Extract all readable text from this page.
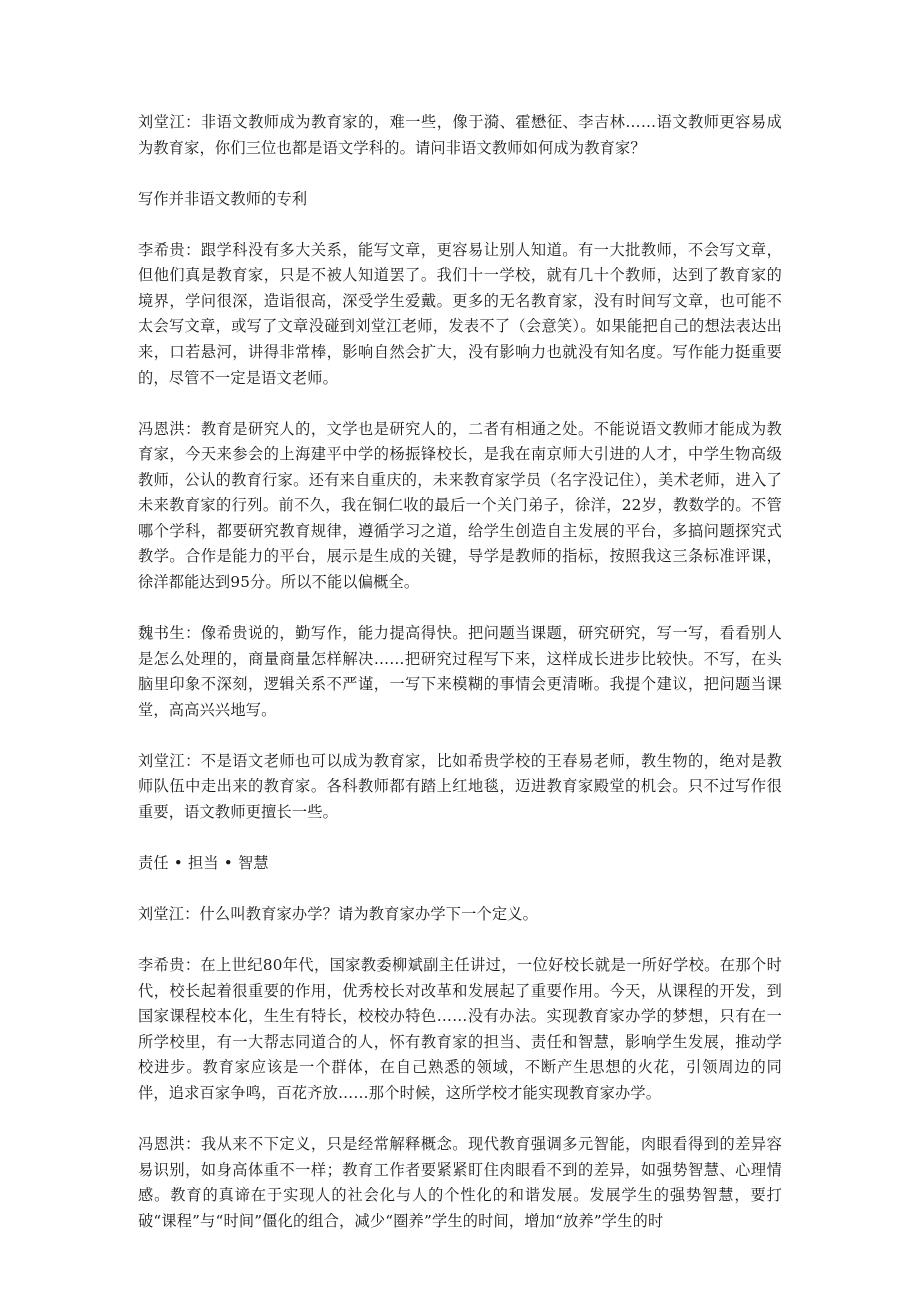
刘堂江：非语文教师成为教育家的，难一些，像于漪、霍懋征、李吉林……语文教师更容易成为教育家，你们三位也都是语文学科的。请问非语文教师如何成为教育家？

写作并非语文教师的专利

李希贵：跟学科没有多大关系，能写文章，更容易让别人知道。有一大批教师，不会写文章，但他们真是教育家，只是不被人知道罢了。我们十一学校，就有几十个教师，达到了教育家的境界，学问很深，造诣很高，深受学生爱戴。更多的无名教育家，没有时间写文章，也可能不太会写文章，或写了文章没碰到刘堂江老师，发表不了（会意笑）。如果能把自己的想法表达出来，口若悬河，讲得非常棒，影响自然会扩大，没有影响力也就没有知名度。写作能力挺重要的，尽管不一定是语文老师。

冯恩洪：教育是研究人的，文学也是研究人的，二者有相通之处。不能说语文教师才能成为教育家，今天来参会的上海建平中学的杨振锋校长，是我在南京师大引进的人才，中学生物高级教师，公认的教育行家。还有来自重庆的，未来教育家学员（名字没记住），美术老师，进入了未来教育家的行列。前不久，我在铜仁收的最后一个关门弟子，徐洋，22岁，教数学的。不管哪个学科，都要研究教育规律，遵循学习之道，给学生创造自主发展的平台，多搞问题探究式教学。合作是能力的平台，展示是生成的关键，导学是教师的指标，按照我这三条标准评课，徐洋都能达到95分。所以不能以偏概全。

魏书生：像希贵说的，勤写作，能力提高得快。把问题当课题，研究研究，写一写，看看别人是怎么处理的，商量商量怎样解决……把研究过程写下来，这样成长进步比较快。不写，在头脑里印象不深刻，逻辑关系不严谨，一写下来模糊的事情会更清晰。我提个建议，把问题当课堂，高高兴兴地写。

刘堂江：不是语文老师也可以成为教育家，比如希贵学校的王春易老师，教生物的，绝对是教师队伍中走出来的教育家。各科教师都有踏上红地毯，迈进教育家殿堂的机会。只不过写作很重要，语文教师更擅长一些。

责任 • 担当 • 智慧

刘堂江：什么叫教育家办学？请为教育家办学下一个定义。

李希贵：在上世纪80年代，国家教委柳斌副主任讲过，一位好校长就是一所好学校。在那个时代，校长起着很重要的作用，优秀校长对改革和发展起了重要作用。今天，从课程的开发，到国家课程校本化，生生有特长，校校办特色……没有办法。实现教育家办学的梦想，只有在一所学校里，有一大帮志同道合的人，怀有教育家的担当、责任和智慧，影响学生发展，推动学校进步。教育家应该是一个群体，在自己熟悉的领域，不断产生思想的火花，引领周边的同伴，追求百家争鸣，百花齐放……那个时候，这所学校才能实现教育家办学。

冯恩洪：我从来不下定义，只是经常解释概念。现代教育强调多元智能，肉眼看得到的差异容易识别，如身高体重不一样；教育工作者要紧紧盯住肉眼看不到的差异，如强势智慧、心理情感。教育的真谛在于实现人的社会化与人的个性化的和谐发展。发展学生的强势智慧，要打破“课程”与“时间”僵化的组合，减少“圈养”学生的时间，增加“放养”学生的时
